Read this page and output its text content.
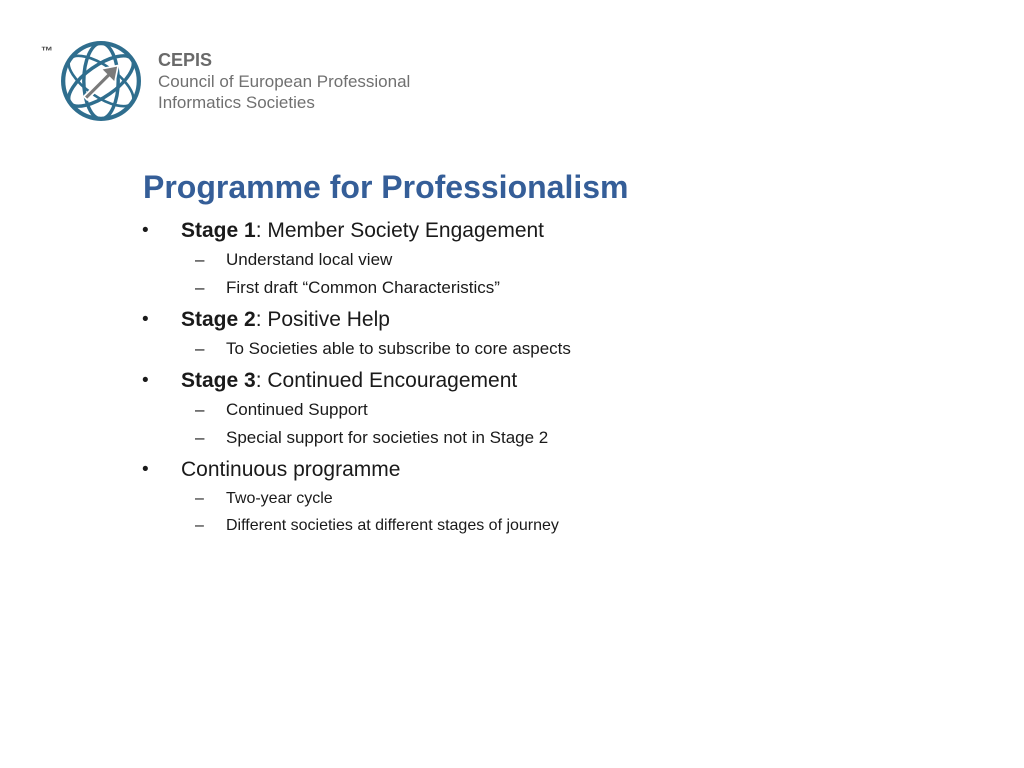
™	CEPIS
Council of European Professional
Informatics Societies
Programme for Professionalism
• Stage 1: Member Society Engagement
– Understand local view
– First draft “Common Characteristics”
• Stage 2: Positive Help
– To Societies able to subscribe to core aspects
• Stage 3: Continued Encouragement
– Continued Support
– Special support for societies not in Stage 2
• Continuous programme
– Two-year cycle
– Different societies at different stages of journey
